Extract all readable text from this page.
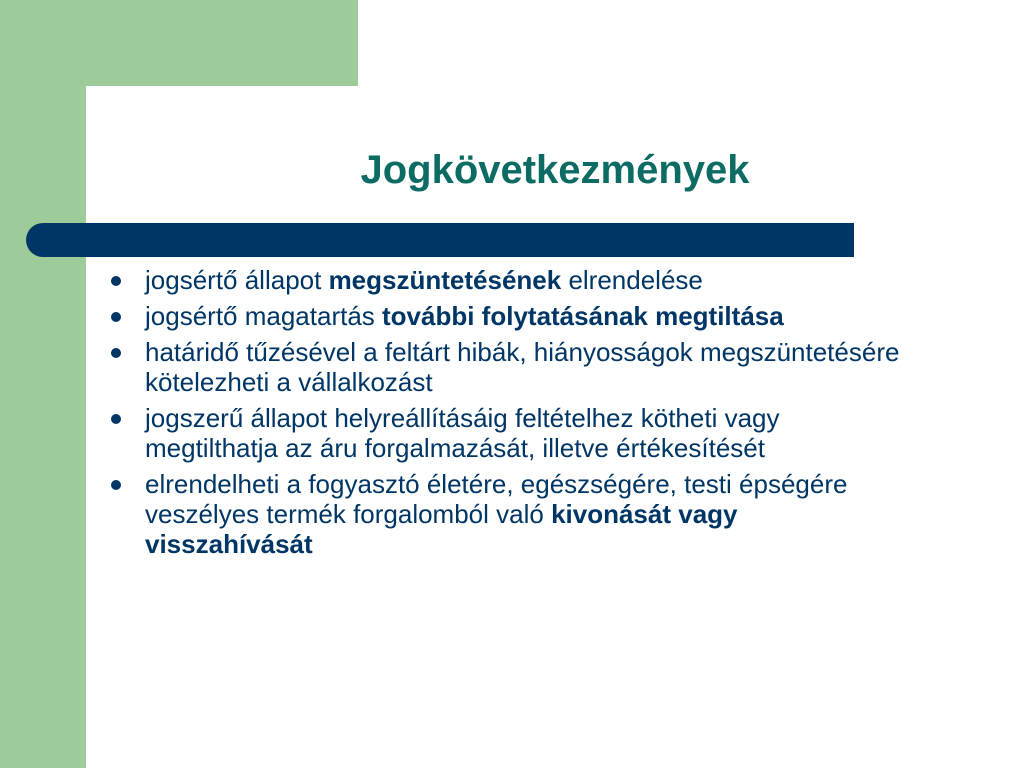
Jogkövetkezmények
jogsértő állapot megszüntetésének elrendelése
jogsértő magatartás további folytatásának megtiltása
határidő tűzésével a feltárt hibák, hiányosságok megszüntetésére kötelezheti a vállalkozást
jogszerű állapot helyreállításáig feltételhez kötheti vagy megtilthatja az áru forgalmazását, illetve értékesítését
elrendelheti a fogyasztó életére, egészségére, testi épségére veszélyes termék forgalomból való kivonását vagy visszahívását
